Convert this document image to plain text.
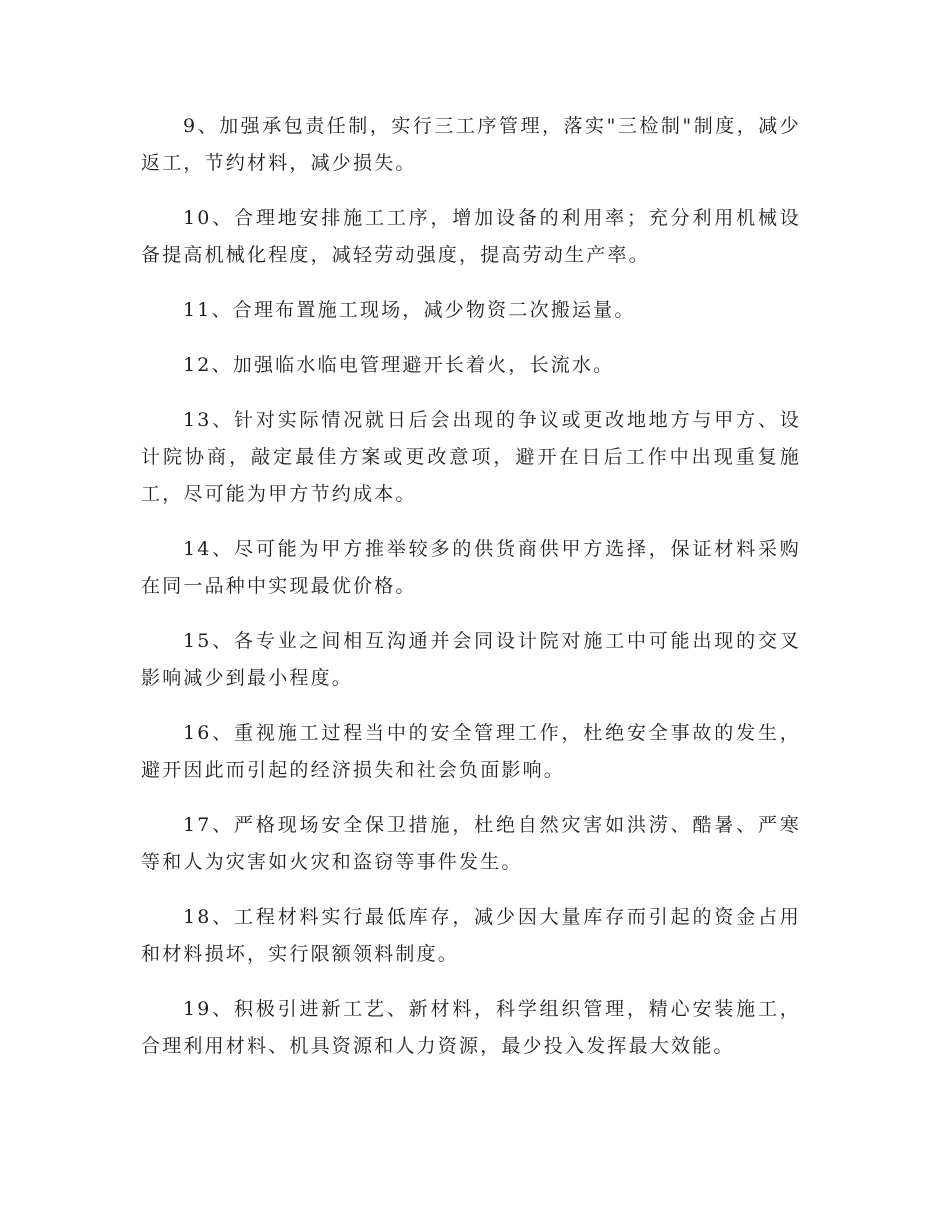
9、加强承包责任制，实行三工序管理，落实"三检制"制度，减少返工，节约材料，减少损失。

10、合理地安排施工工序，增加设备的利用率；充分利用机械设备提高机械化程度，减轻劳动强度，提高劳动生产率。

11、合理布置施工现场，减少物资二次搬运量。

12、加强临水临电管理避开长着火，长流水。

13、针对实际情况就日后会出现的争议或更改地地方与甲方、设计院协商，敲定最佳方案或更改意项，避开在日后工作中出现重复施工，尽可能为甲方节约成本。

14、尽可能为甲方推举较多的供货商供甲方选择，保证材料采购在同一品种中实现最优价格。

15、各专业之间相互沟通并会同设计院对施工中可能出现的交叉影响减少到最小程度。

16、重视施工过程当中的安全管理工作，杜绝安全事故的发生，避开因此而引起的经济损失和社会负面影响。

17、严格现场安全保卫措施，杜绝自然灾害如洪涝、酷暑、严寒等和人为灾害如火灾和盗窃等事件发生。

18、工程材料实行最低库存，减少因大量库存而引起的资金占用和材料损坏，实行限额领料制度。

19、积极引进新工艺、新材料，科学组织管理，精心安装施工，合理利用材料、机具资源和人力资源，最少投入发挥最大效能。
